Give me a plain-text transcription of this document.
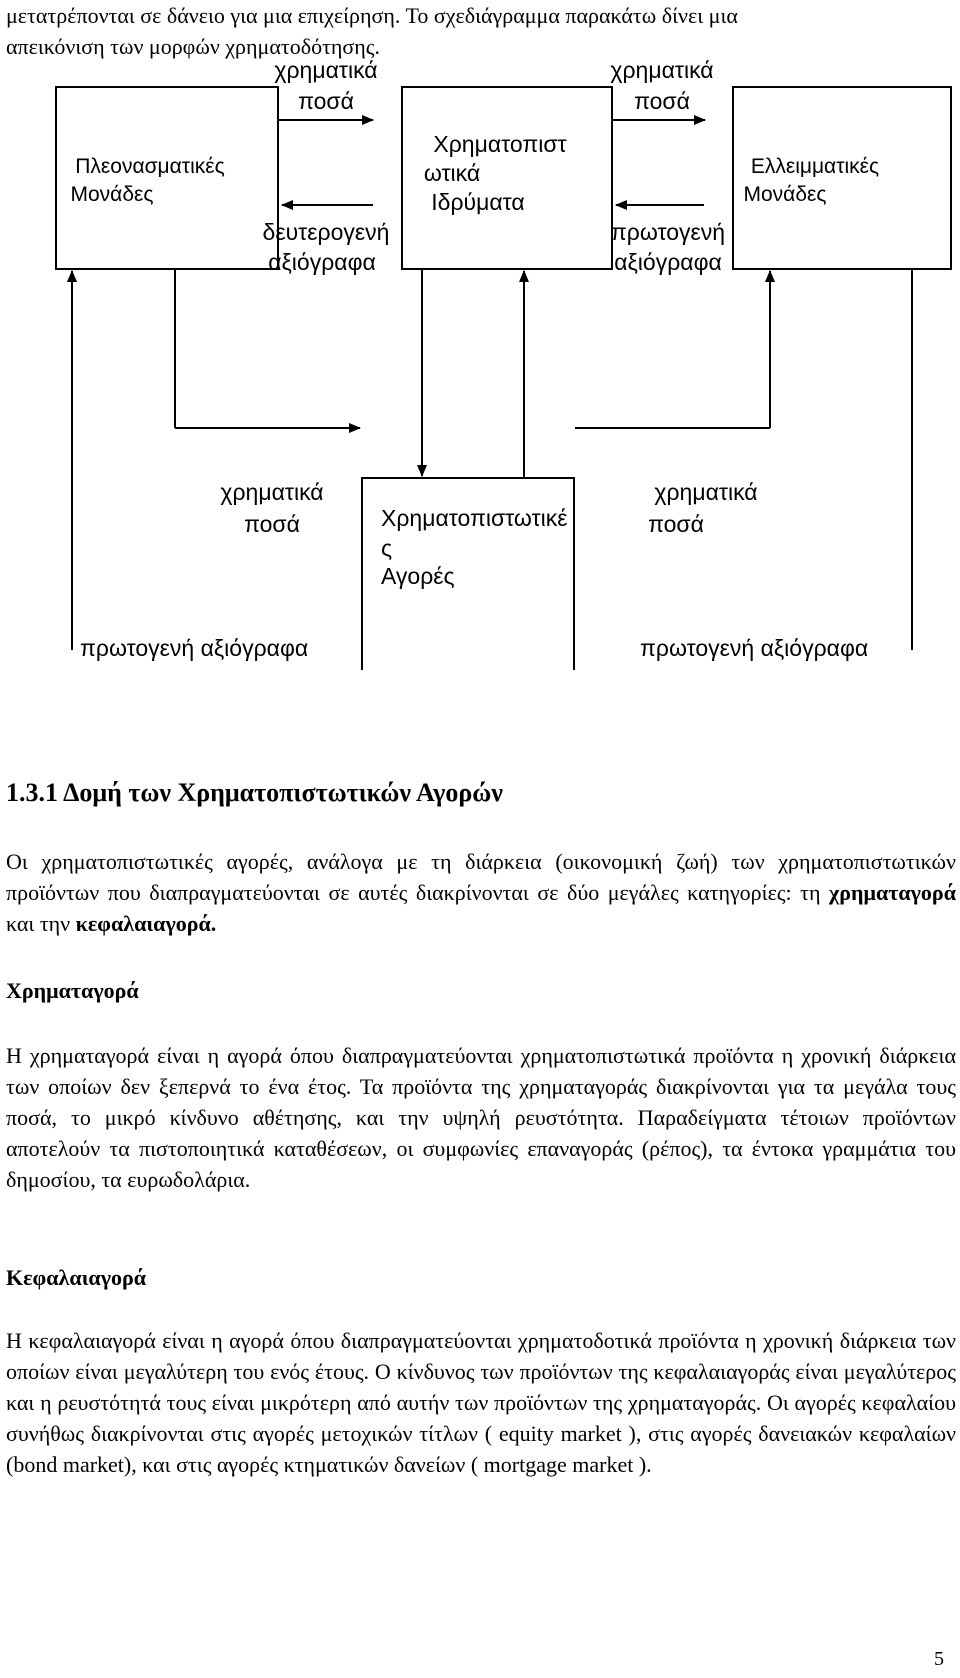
μετατρέπονται σε δάνειο για μια επιχείρηση. Το σχεδιάγραμμα παρακάτω δίνει μια

απεικόνιση των μορφών χρηματοδότησης.

χρηματικά
ποσά
χρηματικά
ποσά
Πλεονασματικές
Μονάδες
Χρηματοπιστ
ωτικά
Ιδρύματα
Ελλειμματικές
Μονάδες
δευτερογενή
αξιόγραφα
πρωτογενή
αξιόγραφα
χρηματικά
ποσά	Χρηματοπιστωτικέ
ς
Αγορές
χρηματικά
ποσά
πρωτογενή αξιόγραφα	πρωτογενή αξιόγραφα
1.3.1 Δομή των Χρηματοπιστωτικών Αγορών

Οι χρηματοπιστωτικές αγορές, ανάλογα με τη διάρκεια (οικονομική ζωή) των χρηματοπιστωτικών προϊόντων που διαπραγματεύονται σε αυτές διακρίνονται σε δύο μεγάλες κατηγορίες: τη χρηματαγορά και την κεφαλαιαγορά.

Χρηματαγορά

Η χρηματαγορά είναι η αγορά όπου διαπραγματεύονται χρηματοπιστωτικά προϊόντα η χρονική διάρκεια των οποίων δεν ξεπερνά το ένα έτος. Τα προϊόντα της χρηματαγοράς διακρίνονται για τα μεγάλα τους ποσά, το μικρό κίνδυνο αθέτησης, και την υψηλή ρευστότητα. Παραδείγματα τέτοιων προϊόντων αποτελούν τα πιστοποιητικά καταθέσεων, οι συμφωνίες επαναγοράς (ρέπος), τα έντοκα γραμμάτια του δημοσίου, τα ευρωδολάρια.

Κεφαλαιαγορά

Η κεφαλαιαγορά είναι η αγορά όπου διαπραγματεύονται χρηματοδοτικά προϊόντα η χρονική διάρκεια των οποίων είναι μεγαλύτερη του ενός έτους. Ο κίνδυνος των προϊόντων της κεφαλαιαγοράς είναι μεγαλύτερος και η ρευστότητά τους είναι μικρότερη από αυτήν των προϊόντων της χρηματαγοράς. Οι αγορές κεφαλαίου συνήθως διακρίνονται στις αγορές μετοχικών τίτλων ( equity market ), στις αγορές δανειακών κεφαλαίων (bond market), και στις αγορές κτηματικών δανείων ( mortgage market ).

5
